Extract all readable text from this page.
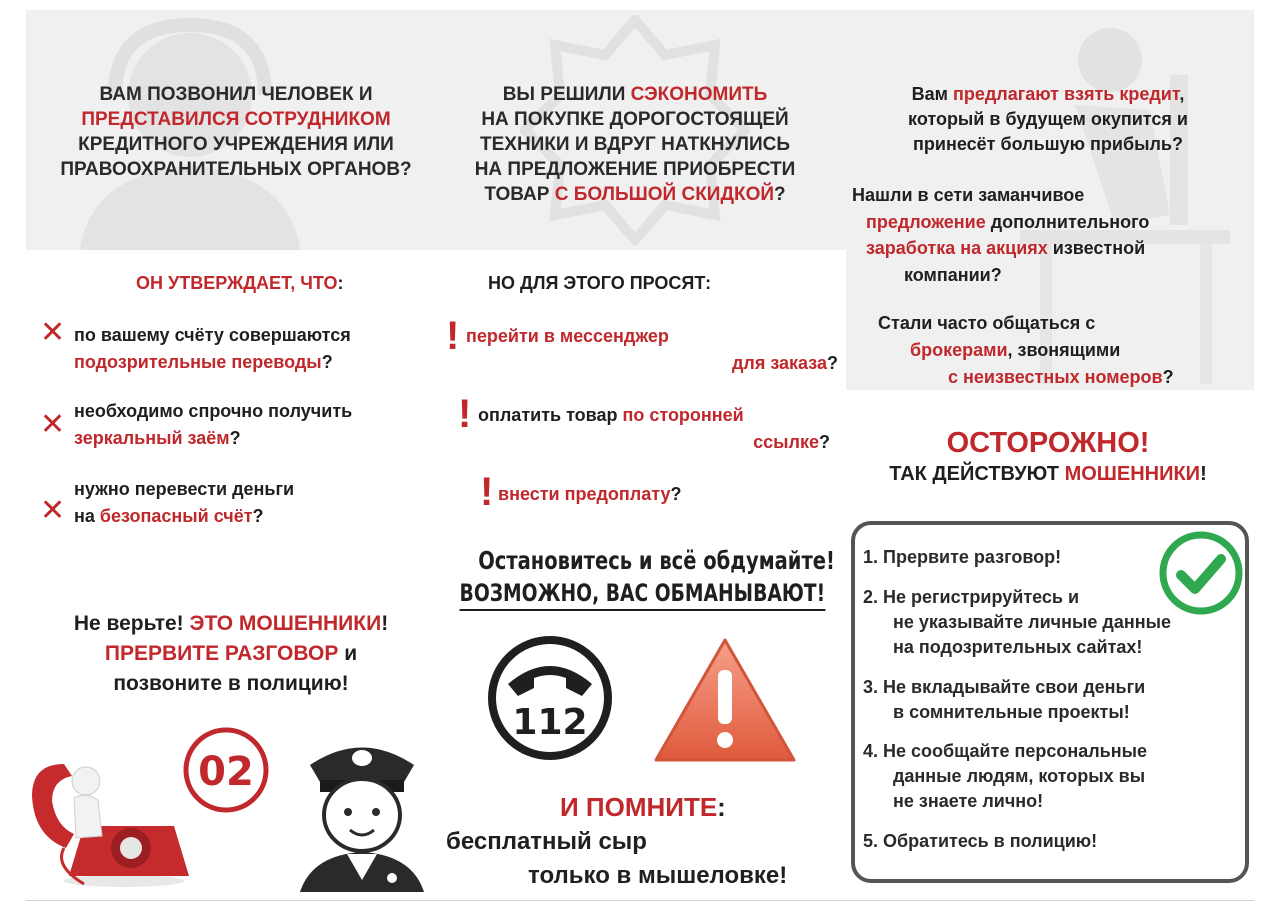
ВАМ ПОЗВОНИЛ ЧЕЛОВЕК И
ПРЕДСТАВИЛСЯ СОТРУДНИКОМ
КРЕДИТНОГО УЧРЕЖДЕНИЯ ИЛИ
ПРАВООХРАНИТЕЛЬНЫХ ОРГАНОВ?
ОН УТВЕРЖДАЕТ, ЧТО:
✕ по вашему счёту совершаются
подозрительные переводы?
✕ необходимо спрочно получить
зеркальный заём?
✕
нужно перевести деньги
на безопасный счёт?
Не верьте! ЭТО МОШЕННИКИ!
ПРЕРВИТЕ РАЗГОВОР и
позвоните в полицию!
02
ВЫ РЕШИЛИ СЭКОНОМИТЬ
НА ПОКУПКЕ ДОРОГОСТОЯЩЕЙ
ТЕХНИКИ И ВДРУГ НАТКНУЛИСЬ
НА ПРЕДЛОЖЕНИЕ ПРИОБРЕСТИ
ТОВАР С БОЛЬШОЙ СКИДКОЙ?
НО ДЛЯ ЭТОГО ПРОСЯТ:
! перейти в мессенджер
для заказа?
! оплатить товар по сторонней
ссылке?
! внести предоплату?
Остановитесь и всё обдумайте!
ВОЗМОЖНО, ВАС ОБМАНЫВАЮТ!
112
И ПОМНИТЕ:
бесплатный сыр
только в мышеловке!
Вам предлагают взять кредит,
который в будущем окупится и
принесёт большую прибыль?
Нашли в сети заманчивое
предложение дополнительного
заработка на акциях известной
компании?
Стали часто общаться с
брокерами, звонящими
с неизвестных номеров?
ОСТОРОЖНО!
ТАК ДЕЙСТВУЮТ МОШЕННИКИ!
1. Прервите разговор!
2. Не регистрируйтесь и
не указывайте личные данные
на подозрительных сайтах!
3. Не вкладывайте свои деньги
в сомнительные проекты!
4. Не сообщайте персональные
данные людям, которых вы
не знаете лично!
5. Обратитесь в полицию!
